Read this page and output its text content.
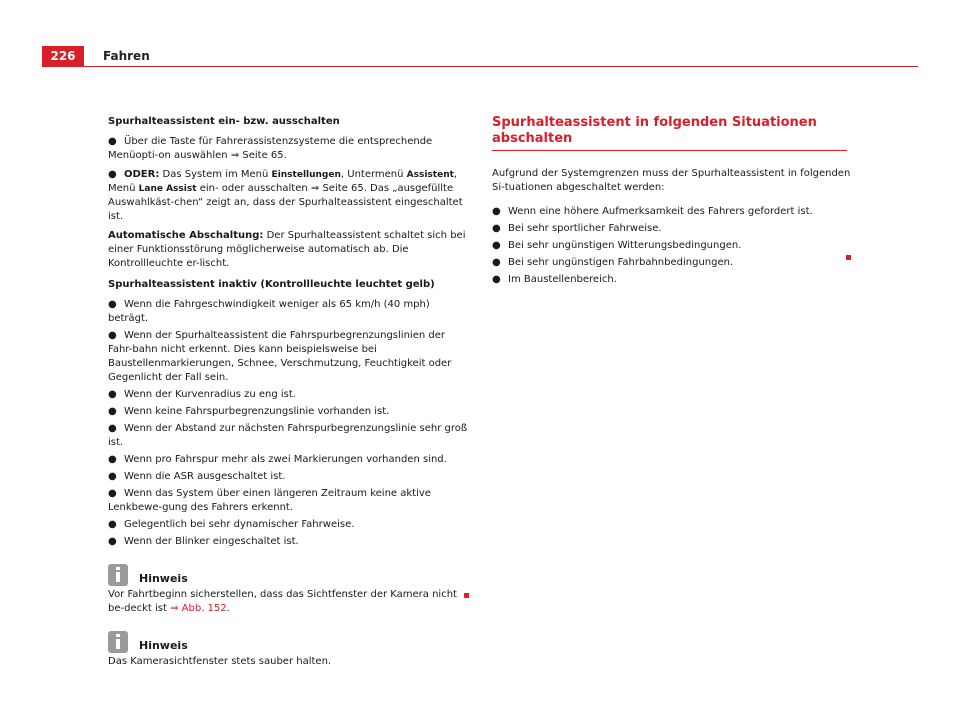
226	Fahren

Spurhalteassistent ein- bzw. ausschalten

● Über die Taste für Fahrerassistenzsysteme die entsprechende Menüopti-on auswählen ⇒ Seite 65.

● ODER: Das System im Menü Einstellungen, Untermenü Assistent, Menü Lane Assist ein- oder ausschalten ⇒ Seite 65. Das „ausgefüllte Auswahlkäst-chen“ zeigt an, dass der Spurhalteassistent eingeschaltet ist.

Automatische Abschaltung: Der Spurhalteassistent schaltet sich bei einer Funktionsstörung möglicherweise automatisch ab. Die Kontrollleuchte er-lischt.

Spurhalteassistent inaktiv (Kontrollleuchte leuchtet gelb)

● Wenn die Fahrgeschwindigkeit weniger als 65 km/h (40 mph) beträgt.

● Wenn der Spurhalteassistent die Fahrspurbegrenzungslinien der Fahr-bahn nicht erkennt. Dies kann beispielsweise bei Baustellenmarkierungen, Schnee, Verschmutzung, Feuchtigkeit oder Gegenlicht der Fall sein.

● Wenn der Kurvenradius zu eng ist.

● Wenn keine Fahrspurbegrenzungslinie vorhanden ist.

● Wenn der Abstand zur nächsten Fahrspurbegrenzungslinie sehr groß ist.

● Wenn pro Fahrspur mehr als zwei Markierungen vorhanden sind.

● Wenn die ASR ausgeschaltet ist.

● Wenn das System über einen längeren Zeitraum keine aktive Lenkbewe-gung des Fahrers erkennt.

● Gelegentlich bei sehr dynamischer Fahrweise.

● Wenn der Blinker eingeschaltet ist.

Hinweis

Vor Fahrtbeginn sicherstellen, dass das Sichtfenster der Kamera nicht be-deckt ist ⇒ Abb. 152.

Hinweis

Das Kamerasichtfenster stets sauber halten.

Spurhalteassistent in folgenden Situationen abschalten

Aufgrund der Systemgrenzen muss der Spurhalteassistent in folgenden Si-tuationen abgeschaltet werden:

● Wenn eine höhere Aufmerksamkeit des Fahrers gefordert ist.

● Bei sehr sportlicher Fahrweise.

● Bei sehr ungünstigen Witterungsbedingungen.

● Bei sehr ungünstigen Fahrbahnbedingungen.

● Im Baustellenbereich.
